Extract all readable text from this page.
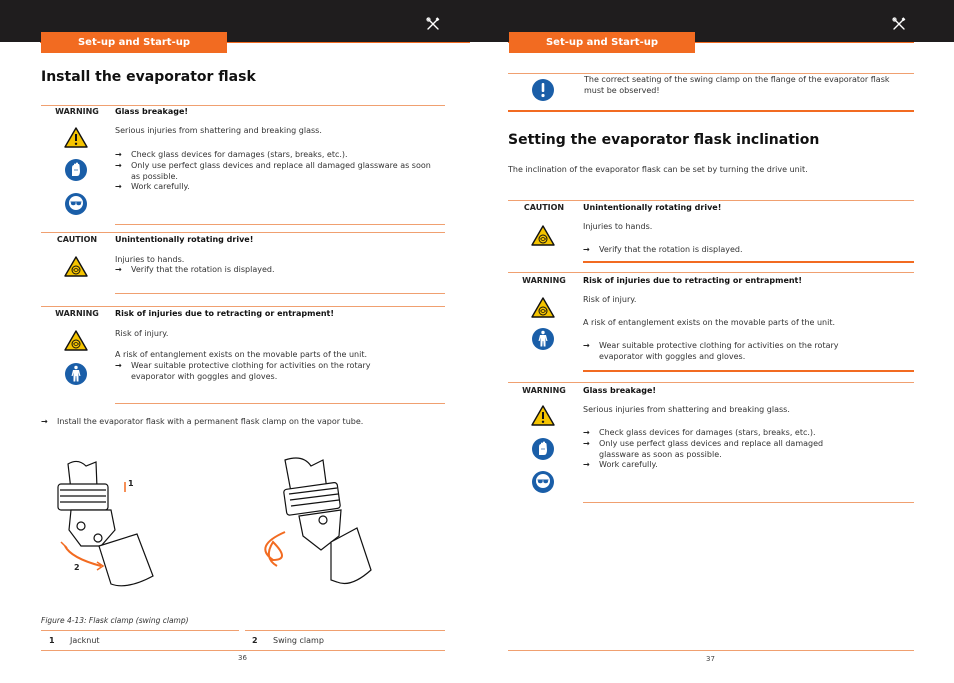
Set-up and Start-up	Set-up and Start-up
Install the evaporator flask
WARNING	Glass breakage!
Serious injuries from shattering and breaking glass.
→ Check glass devices for damages (stars, breaks, etc.).
→ Only use perfect glass devices and replace all damaged glassware as soon as possible.
→ Work carefully.
CAUTION	Unintentionally rotating drive!
Injuries to hands.
→ Verify that the rotation is displayed.
WARNING	Risk of injuries due to retracting or entrapment!
Risk of injury.
A risk of entanglement exists on the movable parts of the unit.
→ Wear suitable protective clothing for activities on the rotary evaporator with goggles and gloves.
→ Install the evaporator flask with a permanent flask clamp on the vapor tube.
1
2
Figure 4-13: Flask clamp (swing clamp)
1 Jacknut	2 Swing clamp
36
The correct seating of the swing clamp on the flange of the evaporator flask must be observed!
Setting the evaporator flask inclination
The inclination of the evaporator flask can be set by turning the drive unit.
CAUTION	Unintentionally rotating drive!
Injuries to hands.
→ Verify that the rotation is displayed.
WARNING	Risk of injuries due to retracting or entrapment!
Risk of injury.
A risk of entanglement exists on the movable parts of the unit.
→ Wear suitable protective clothing for activities on the rotary evaporator with goggles and gloves.
WARNING	Glass breakage!
Serious injuries from shattering and breaking glass.
→ Check glass devices for damages (stars, breaks, etc.).
→ Only use perfect glass devices and replace all damaged glassware as soon as possible.
→ Work carefully.
37
